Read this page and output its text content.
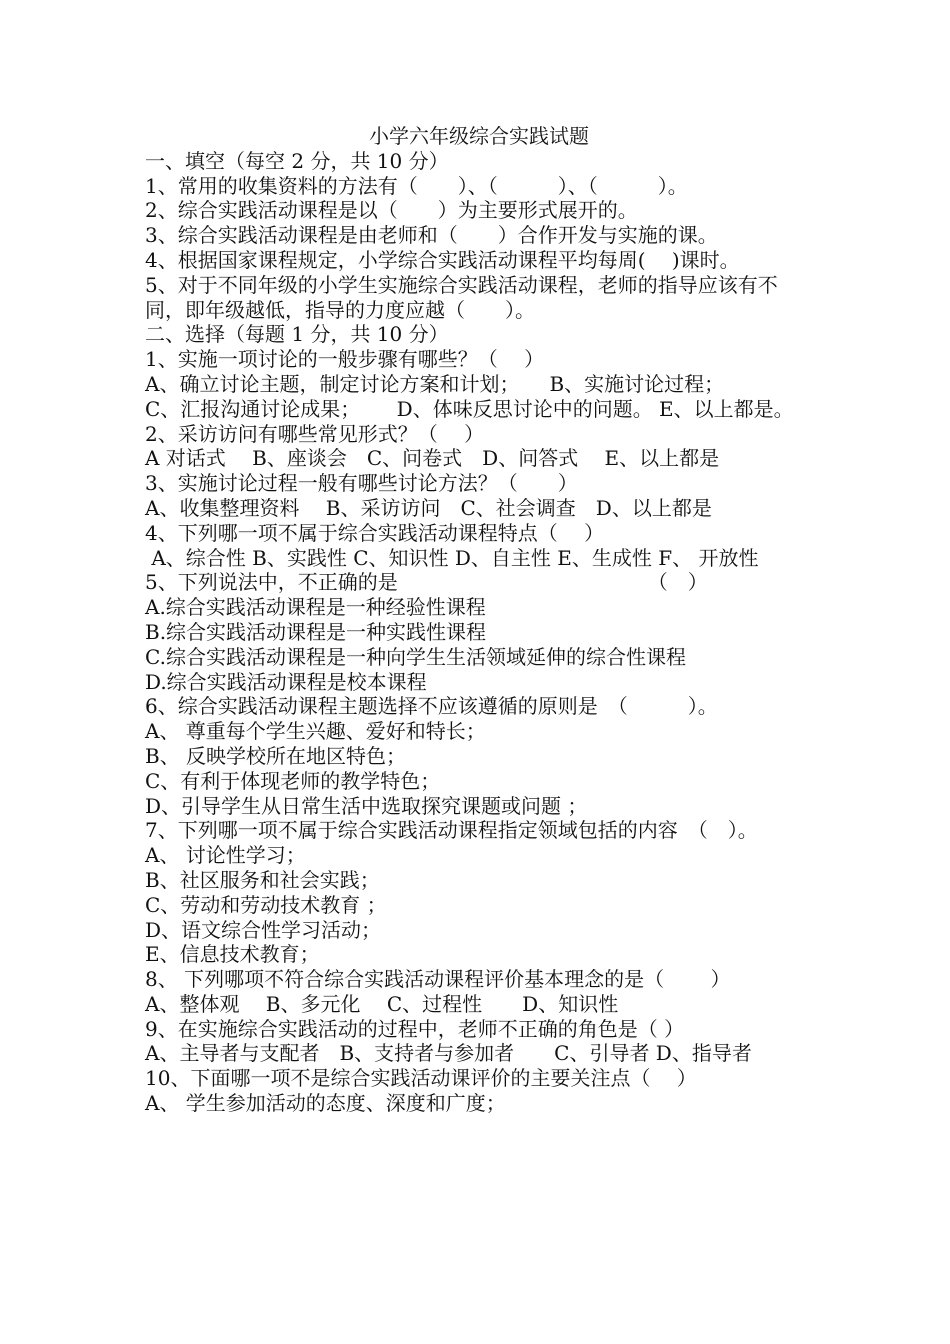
小学六年级综合实践试题
一、填空（每空 2 分，共 10 分）
1、常用的收集资料的方法有（　　）、（　　　）、（　　　）。
2、综合实践活动课程是以（　　）为主要形式展开的。
3、综合实践活动课程是由老师和（　　）合作开发与实施的课。
4、根据国家课程规定，小学综合实践活动课程平均每周(　 )课时。
5、对于不同年级的小学生实施综合实践活动课程，老师的指导应该有不同，即年级越低，指导的力度应越（　　）。
二、选择（每题 1 分，共 10 分）
1、实施一项讨论的一般步骤有哪些？（　 ）
A、确立讨论主题，制定讨论方案和计划；　　B、实施讨论过程；
C、汇报沟通讨论成果；　　 D、体味反思讨论中的问题。 E、以上都是。
2、采访访问有哪些常见形式？（　 ）
A 对话式　 B、座谈会　C、问卷式　D、问答式　 E、以上都是
3、实施讨论过程一般有哪些讨论方法？（　　）
A、收集整理资料　 B、采访访问　C、社会调查　D、以上都是
4、下列哪一项不属于综合实践活动课程特点（　 ）
A、综合性 B、实践性 C、知识性 D、自主性 E、生成性 F、 开放性
5、下列说法中，不正确的是　　　　　　　　　　　　　（　）
A.综合实践活动课程是一种经验性课程
B.综合实践活动课程是一种实践性课程
C.综合实践活动课程是一种向学生生活领域延伸的综合性课程
D.综合实践活动课程是校本课程
6、综合实践活动课程主题选择不应该遵循的原则是　（　　　）。
A、 尊重每个学生兴趣、爱好和特长；
B、 反映学校所在地区特色；
C、有利于体现老师的教学特色；
D、引导学生从日常生活中选取探究课题或问题 ；
7、下列哪一项不属于综合实践活动课程指定领域包括的内容　（　）。
A、 讨论性学习；
B、社区服务和社会实践；
C、劳动和劳动技术教育 ；
D、语文综合性学习活动；
E、信息技术教育；
8、 下列哪项不符合综合实践活动课程评价基本理念的是（　　 ）
A、整体观　 B、多元化　 C、过程性　　D、知识性
9、在实施综合实践活动的过程中，老师不正确的角色是（ ）
A、主导者与支配者　B、支持者与参加者　　C、引导者 D、指导者
10、下面哪一项不是综合实践活动课评价的主要关注点（　 ）
A、 学生参加活动的态度、深度和广度；
